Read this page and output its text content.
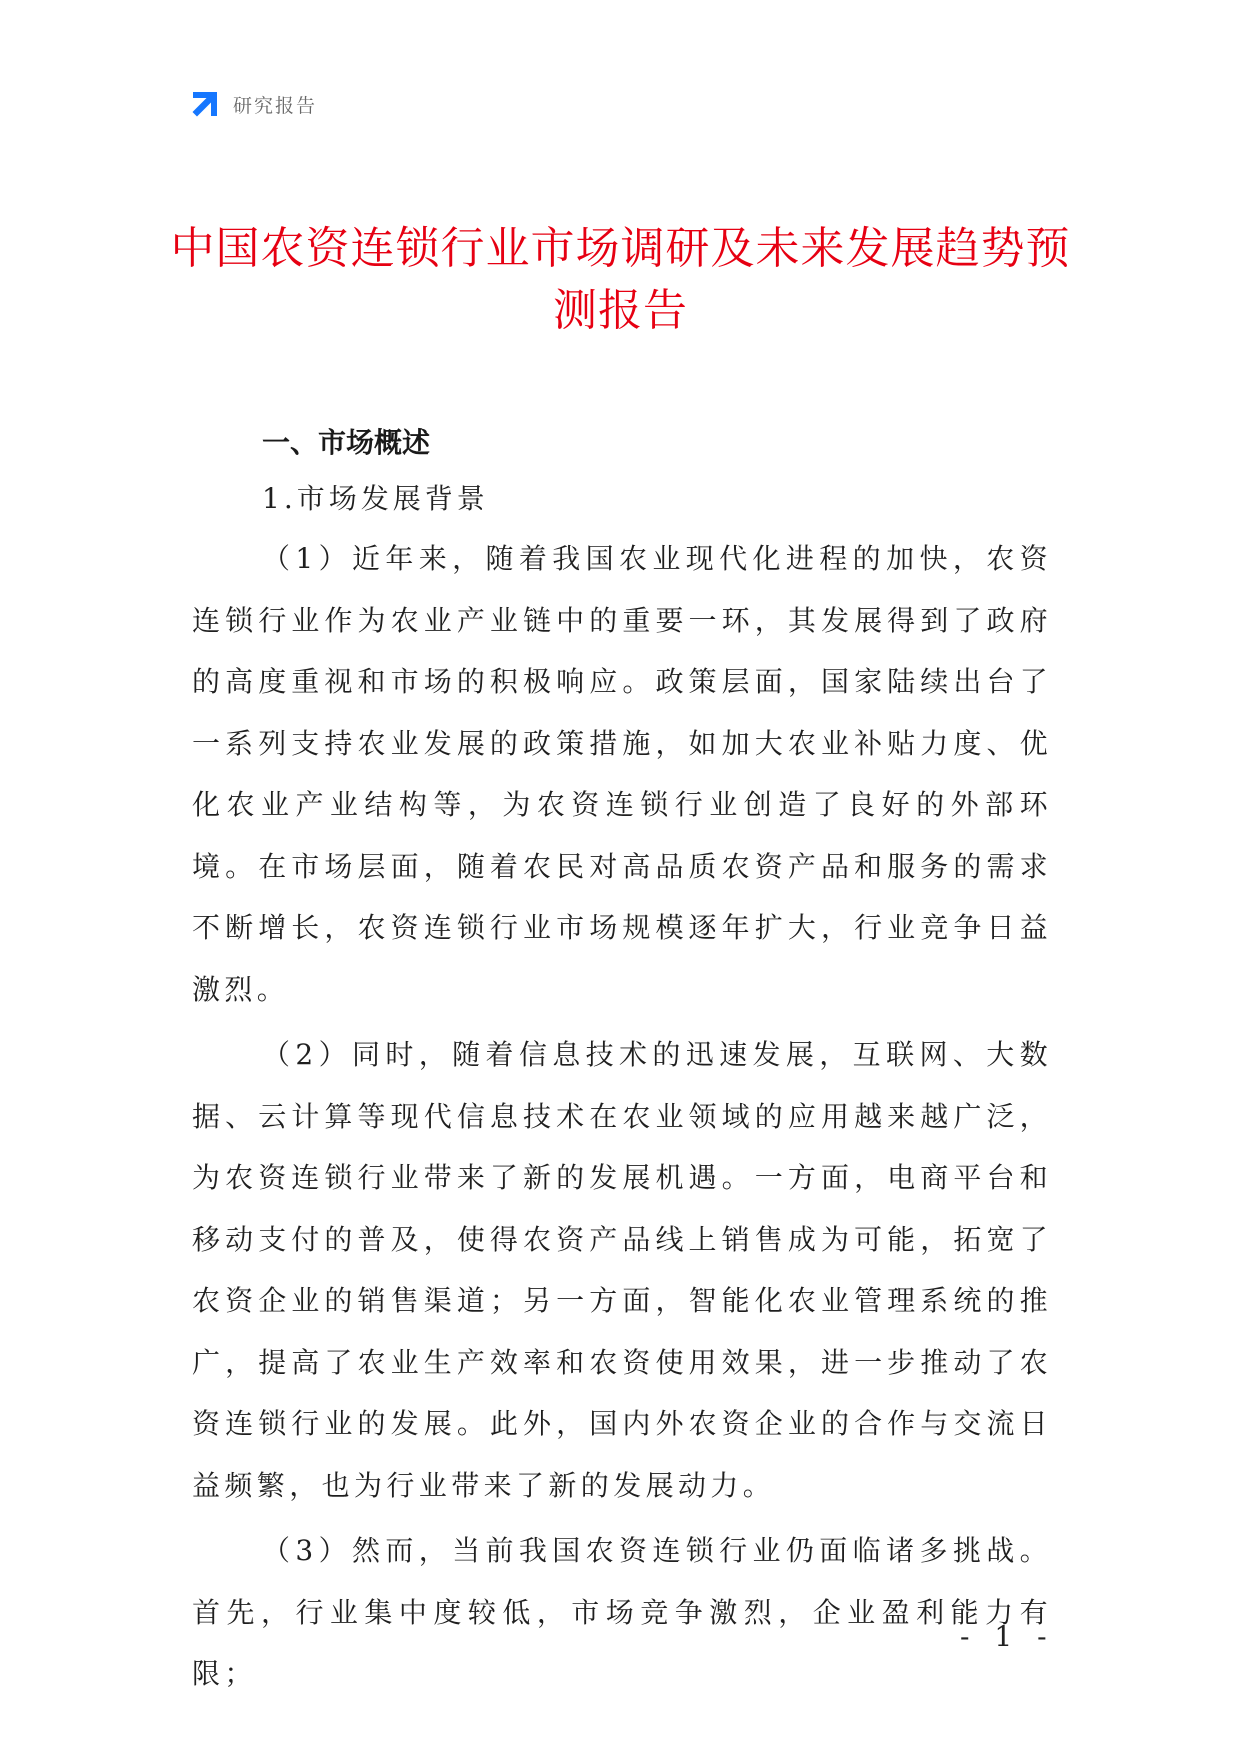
研究报告
中国农资连锁行业市场调研及未来发展趋势预测报告
一、市场概述
1.市场发展背景

（1）近年来，随着我国农业现代化进程的加快，农资连锁行业作为农业产业链中的重要一环，其发展得到了政府的高度重视和市场的积极响应。政策层面，国家陆续出台了一系列支持农业发展的政策措施，如加大农业补贴力度、优化农业产业结构等，为农资连锁行业创造了良好的外部环境。在市场层面，随着农民对高品质农资产品和服务的需求不断增长，农资连锁行业市场规模逐年扩大，行业竞争日益激烈。

（2）同时，随着信息技术的迅速发展，互联网、大数据、云计算等现代信息技术在农业领域的应用越来越广泛，为农资连锁行业带来了新的发展机遇。一方面，电商平台和移动支付的普及，使得农资产品线上销售成为可能，拓宽了农资企业的销售渠道；另一方面，智能化农业管理系统的推广，提高了农业生产效率和农资使用效果，进一步推动了农资连锁行业的发展。此外，国内外农资企业的合作与交流日益频繁，也为行业带来了新的发展动力。

（3）然而，当前我国农资连锁行业仍面临诸多挑战。首先，行业集中度较低，市场竞争激烈，企业盈利能力有限；

- 1 -
